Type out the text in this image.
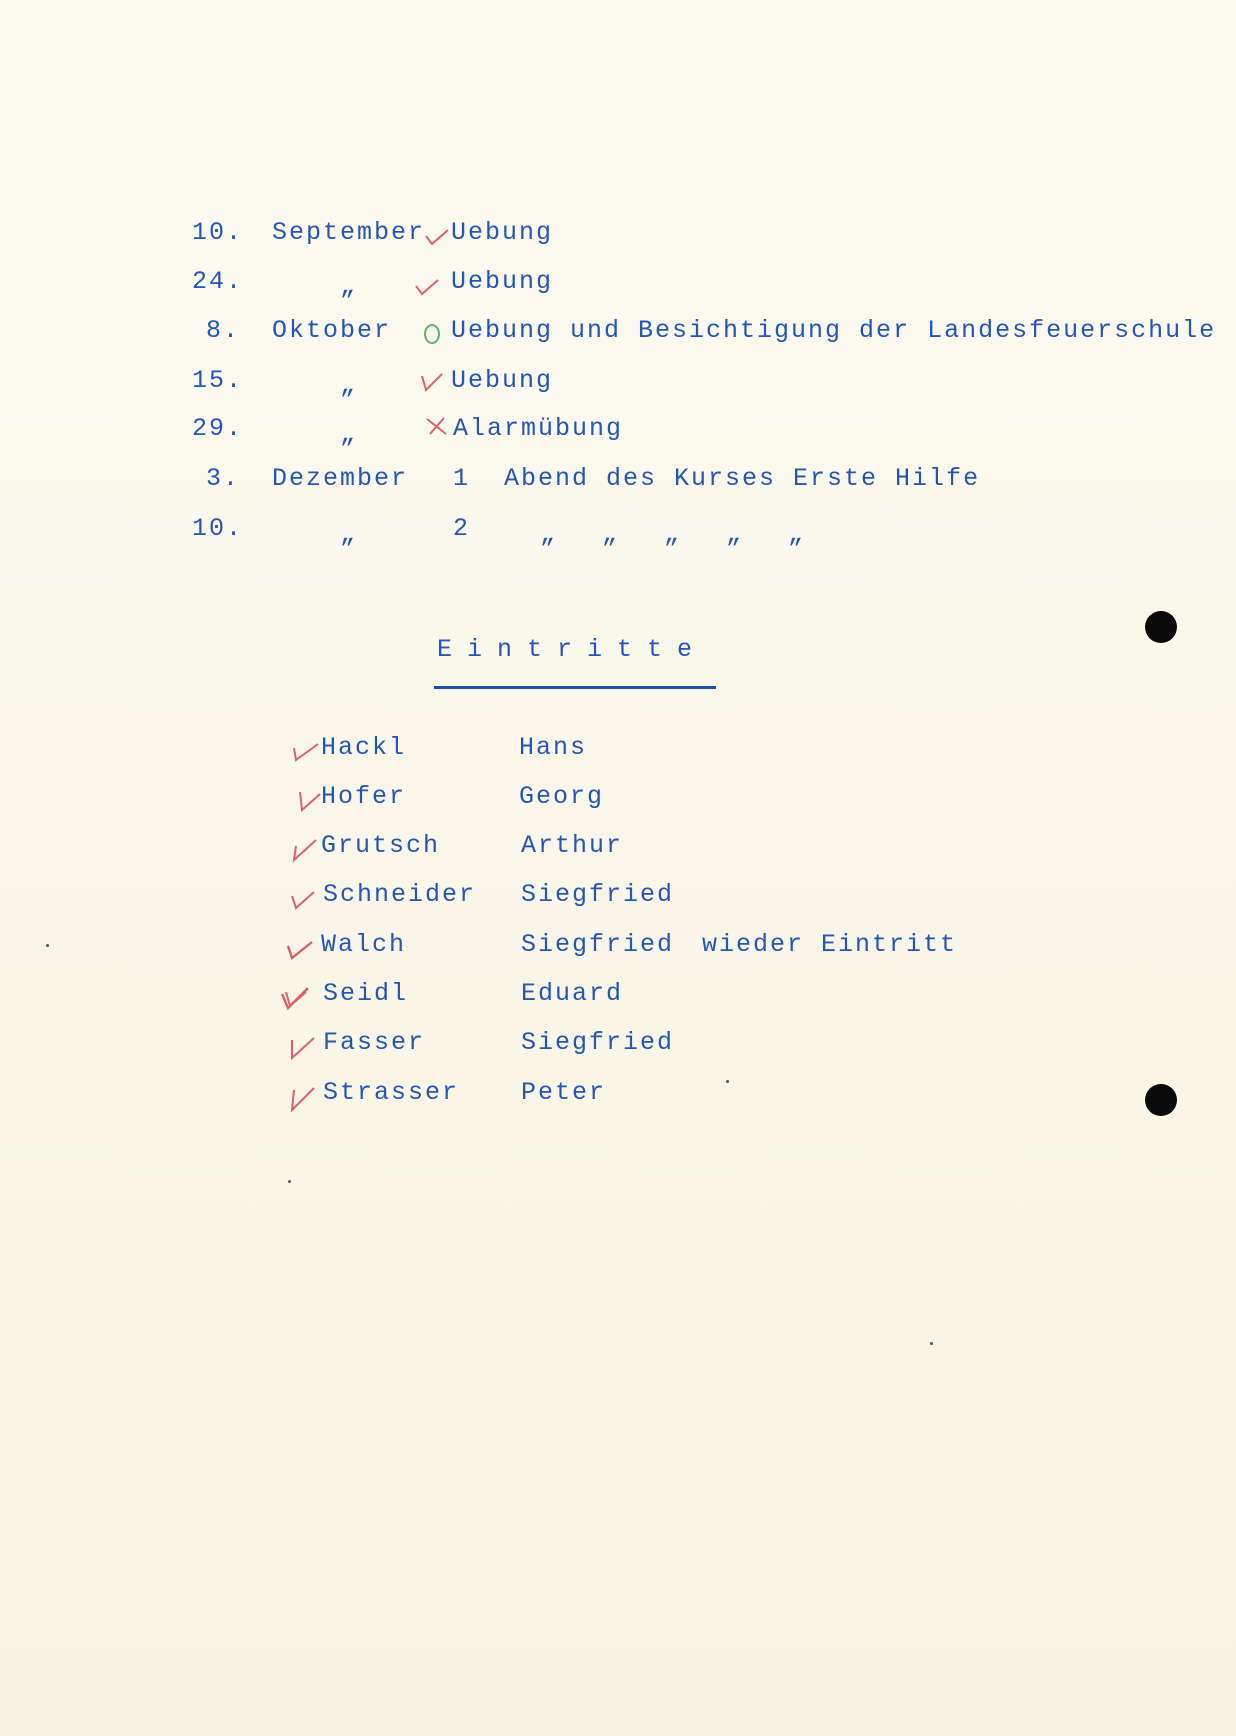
10. September Uebung
24.	„	Uebung
8. Oktober Uebung und Besichtigung der Landesfeuerschule
15.	„	Uebung
29.	„	Alarmübung
3. Dezember 1 Abend des Kurses Erste Hilfe
10.	„	2	„ „ „ „ „
Eintritte
Hackl	Hans
Hofer	Georg
Grutsch	Arthur
Schneider Siegfried
Walch	Siegfried wieder Eintritt
Seidl	Eduard
Fasser	Siegfried
Strasser Peter
